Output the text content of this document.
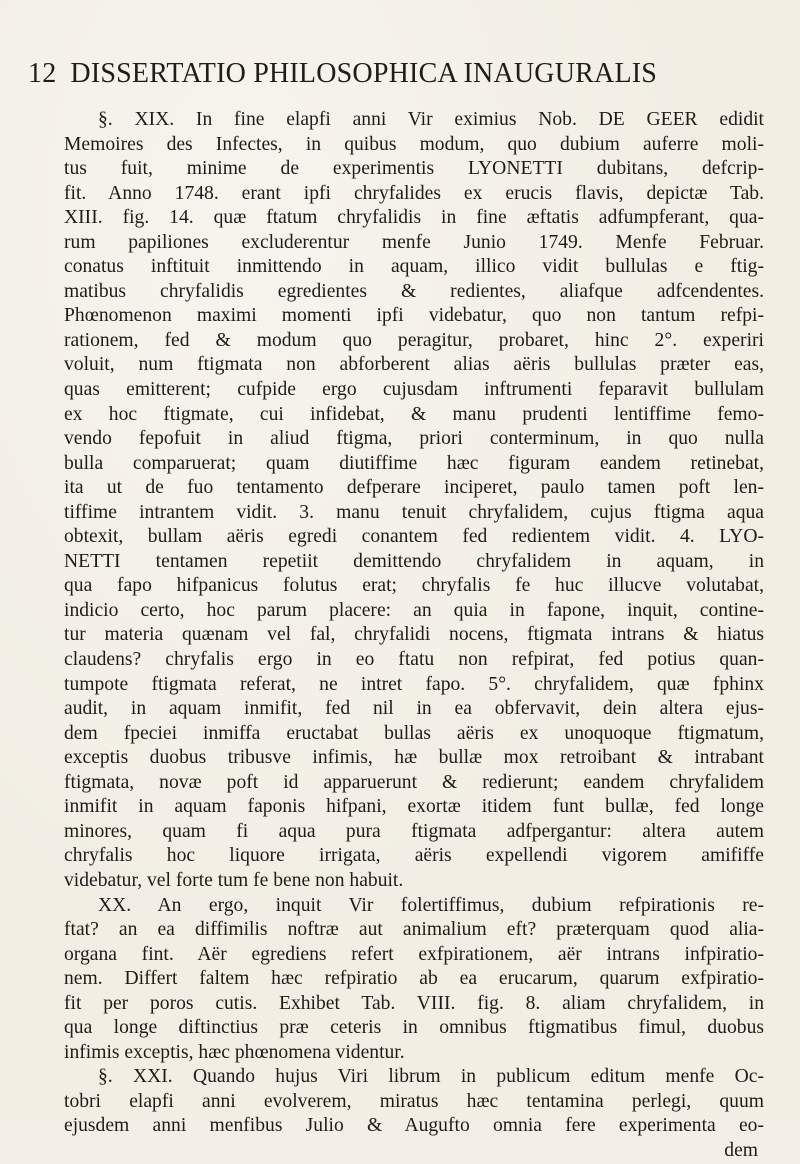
12 DISSERTATIO PHILOSOPHICA INAUGURALIS
§. XIX. In fine elapfi anni Vir eximius Nob. DE GEER edidit
Memoires des Infectes, in quibus modum, quo dubium auferre moli-
tus fuit, minime de experimentis LYONETTI dubitans, defcrip-
fit. Anno 1748. erant ipfi chryfalides ex erucis flavis, depictæ Tab.
XIII. fig. 14. quæ ftatum chryfalidis in fine æftatis adfumpferant, qua-
rum papiliones excluderentur menfe Junio 1749. Menfe Februar.
conatus inftituit inmittendo in aquam, illico vidit bullulas e ftig-
matibus chryfalidis egredientes & redientes, aliafque adfcendentes.
Phœnomenon maximi momenti ipfi videbatur, quo non tantum refpi-
rationem, fed & modum quo peragitur, probaret, hinc 2°. experiri
voluit, num ftigmata non abforberent alias aëris bullulas præter eas,
quas emitterent; cufpide ergo cujusdam inftrumenti feparavit bullulam
ex hoc ftigmate, cui infidebat, & manu prudenti lentiffime femo-
vendo fepofuit in aliud ftigma, priori conterminum, in quo nulla
bulla comparuerat; quam diutiffime hæc figuram eandem retinebat,
ita ut de fuo tentamento defperare inciperet, paulo tamen poft len-
tiffime intrantem vidit. 3. manu tenuit chryfalidem, cujus ftigma aqua
obtexit, bullam aëris egredi conantem fed redientem vidit. 4. LYO-
NETTI tentamen repetiit demittendo chryfalidem in aquam, in
qua fapo hifpanicus folutus erat; chryfalis fe huc illucve volutabat,
indicio certo, hoc parum placere: an quia in fapone, inquit, contine-
tur materia quænam vel fal, chryfalidi nocens, ftigmata intrans & hiatus
claudens? chryfalis ergo in eo ftatu non refpirat, fed potius quan-
tumpote ftigmata referat, ne intret fapo. 5°. chryfalidem, quæ fphinx
audit, in aquam inmifit, fed nil in ea obfervavit, dein altera ejus-
dem fpeciei inmiffa eructabat bullas aëris ex unoquoque ftigmatum,
exceptis duobus tribusve infimis, hæ bullæ mox retroibant & intrabant
ftigmata, novæ poft id apparuerunt & redierunt; eandem chryfalidem
inmifit in aquam faponis hifpani, exortæ itidem funt bullæ, fed longe
minores, quam fi aqua pura ftigmata adfpergantur: altera autem
chryfalis hoc liquore irrigata, aëris expellendi vigorem amififfe
videbatur, vel forte tum fe bene non habuit.
XX. An ergo, inquit Vir folertiffimus, dubium refpirationis re-
ftat? an ea diffimilis noftræ aut animalium eft? præterquam quod alia-
organa fint. Aër egrediens refert exfpirationem, aër intrans infpiratio-
nem. Differt faltem hæc refpiratio ab ea erucarum, quarum exfpiratio-
fit per poros cutis. Exhibet Tab. VIII. fig. 8. aliam chryfalidem, in
qua longe diftinctius præ ceteris in omnibus ftigmatibus fimul, duobus
infimis exceptis, hæc phœnomena videntur.
§. XXI. Quando hujus Viri librum in publicum editum menfe Oc-
tobri elapfi anni evolverem, miratus hæc tentamina perlegi, quum
ejusdem anni menfibus Julio & Augufto omnia fere experimenta eo-
dem
